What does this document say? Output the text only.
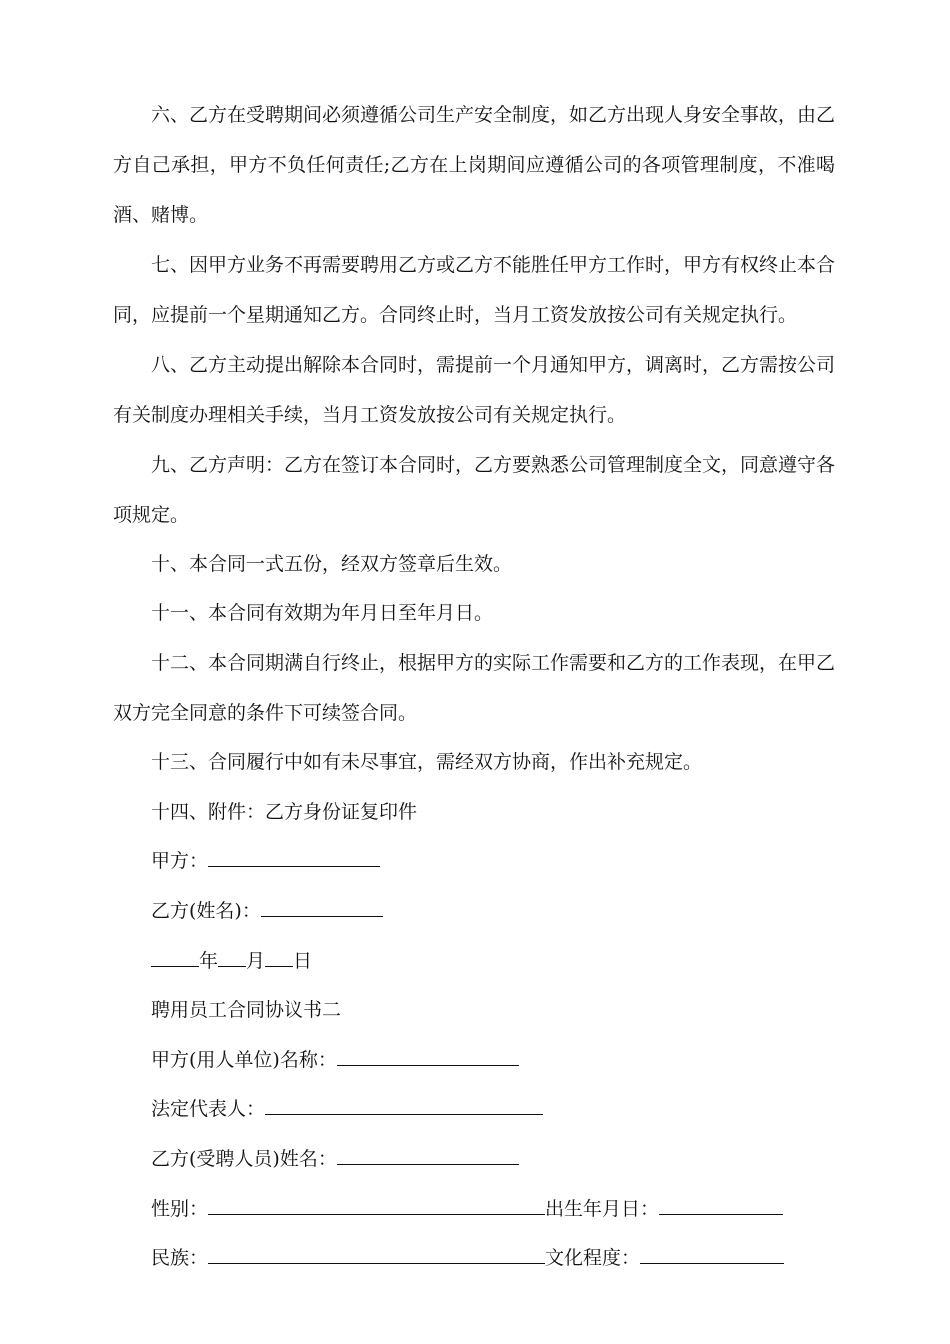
六、乙方在受聘期间必须遵循公司生产安全制度，如乙方出现人身安全事故，由乙方自己承担，甲方不负任何责任;乙方在上岗期间应遵循公司的各项管理制度，不准喝酒、赌博。

七、因甲方业务不再需要聘用乙方或乙方不能胜任甲方工作时，甲方有权终止本合同，应提前一个星期通知乙方。合同终止时，当月工资发放按公司有关规定执行。

八、乙方主动提出解除本合同时，需提前一个月通知甲方，调离时，乙方需按公司有关制度办理相关手续，当月工资发放按公司有关规定执行。

九、乙方声明：乙方在签订本合同时，乙方要熟悉公司管理制度全文，同意遵守各项规定。

十、本合同一式五份，经双方签章后生效。

十一、本合同有效期为年月日至年月日。

十二、本合同期满自行终止，根据甲方的实际工作需要和乙方的工作表现，在甲乙双方完全同意的条件下可续签合同。

十三、合同履行中如有未尽事宜，需经双方协商，作出补充规定。

十四、附件：乙方身份证复印件

甲方：
乙方(姓名)：
年 月 日
聘用员工合同协议书二
甲方(用人单位)名称：
法定代表人：
乙方(受聘人员)姓名：
性别：	出生年月日：
民族：	文化程度：
